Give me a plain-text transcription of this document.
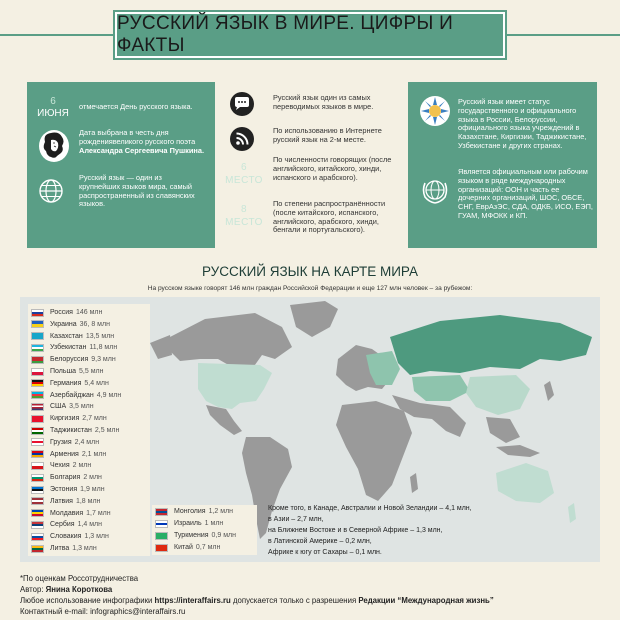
РУССКИЙ ЯЗЫК В МИРЕ. ЦИФРЫ И ФАКТЫ
6
ИЮНЯ
отмечается День русского языка.
Дата выбрана в честь дня рождениявеликого русского поэта Александра Сергеевича Пушкина.
Русский язык — один из крупнейших языков мира, самый распространенный из славянских языков.
Русский язык один из самых переводимых языков в мире.
По использованию в Интернете русский язык на 2-м месте.
6
МЕСТО
По численности говорящих (после английского, китайского, хинди, испанского и арабского).
8
МЕСТО
По степени распространённости (после китайского, испанского, английского, арабского, хинди, бенгали и португальского).
Русский язык имеет статус государственного и официального языка в России, Белоруссии, официального языка учреждений в Казахстане, Киргизии, Таджикистане, Узбекистане и других странах.
Является официальным или рабочим языком в ряде международных организаций: ООН и часть ее дочерних организаций, ШОС, ОБСЕ, СНГ, ЕврАзЭС, СДА, ОДКБ, ИСО, ЕЭП, ГУАМ, МФОКК и КП.
РУССКИЙ ЯЗЫК НА КАРТЕ МИРА
На русском языке говорят 146 млн граждан Российской Федерации и еще 127 млн человек – за рубежом:
Россия 146 млн
Украина 36, 8 млн
Казахстан 13,5 млн
Узбекистан 11,8 млн
Белоруссия 9,3 млн
Польша 5,5 млн
Германия 5,4 млн
Азербайджан 4,9 млн
США 3,5 млн
Киргизия 2,7 млн
Таджикистан 2,5 млн
Грузия 2,4 млн
Армения 2,1 млн
Чехия 2 млн
Болгария 2 млн
Эстония 1,9 млн
Латвия 1,8 млн
Молдавия 1,7 млн
Сербия 1,4 млн
Словакия 1,3 млн
Литва 1,3 млн
Монголия 1,2 млн
Израиль 1 млн
Туркмения 0,9 млн
Китай 0,7 млн
Кроме того, в Канаде, Австралии и Новой Зеландии – 4,1 млн,
в Азии – 2,7 млн,
на Ближнем Востоке и в Северной Африке – 1,3 млн,
в Латинской Америке – 0,2 млн,
Африке к югу от Сахары – 0,1 млн.
*По оценкам Россотрудничества
Автор: Янина Короткова
Любое использование инфографики https://interaffairs.ru допускается только с разрешения Редакции “Международная жизнь”
Контактный e-mail: infographics@interaffairs.ru
